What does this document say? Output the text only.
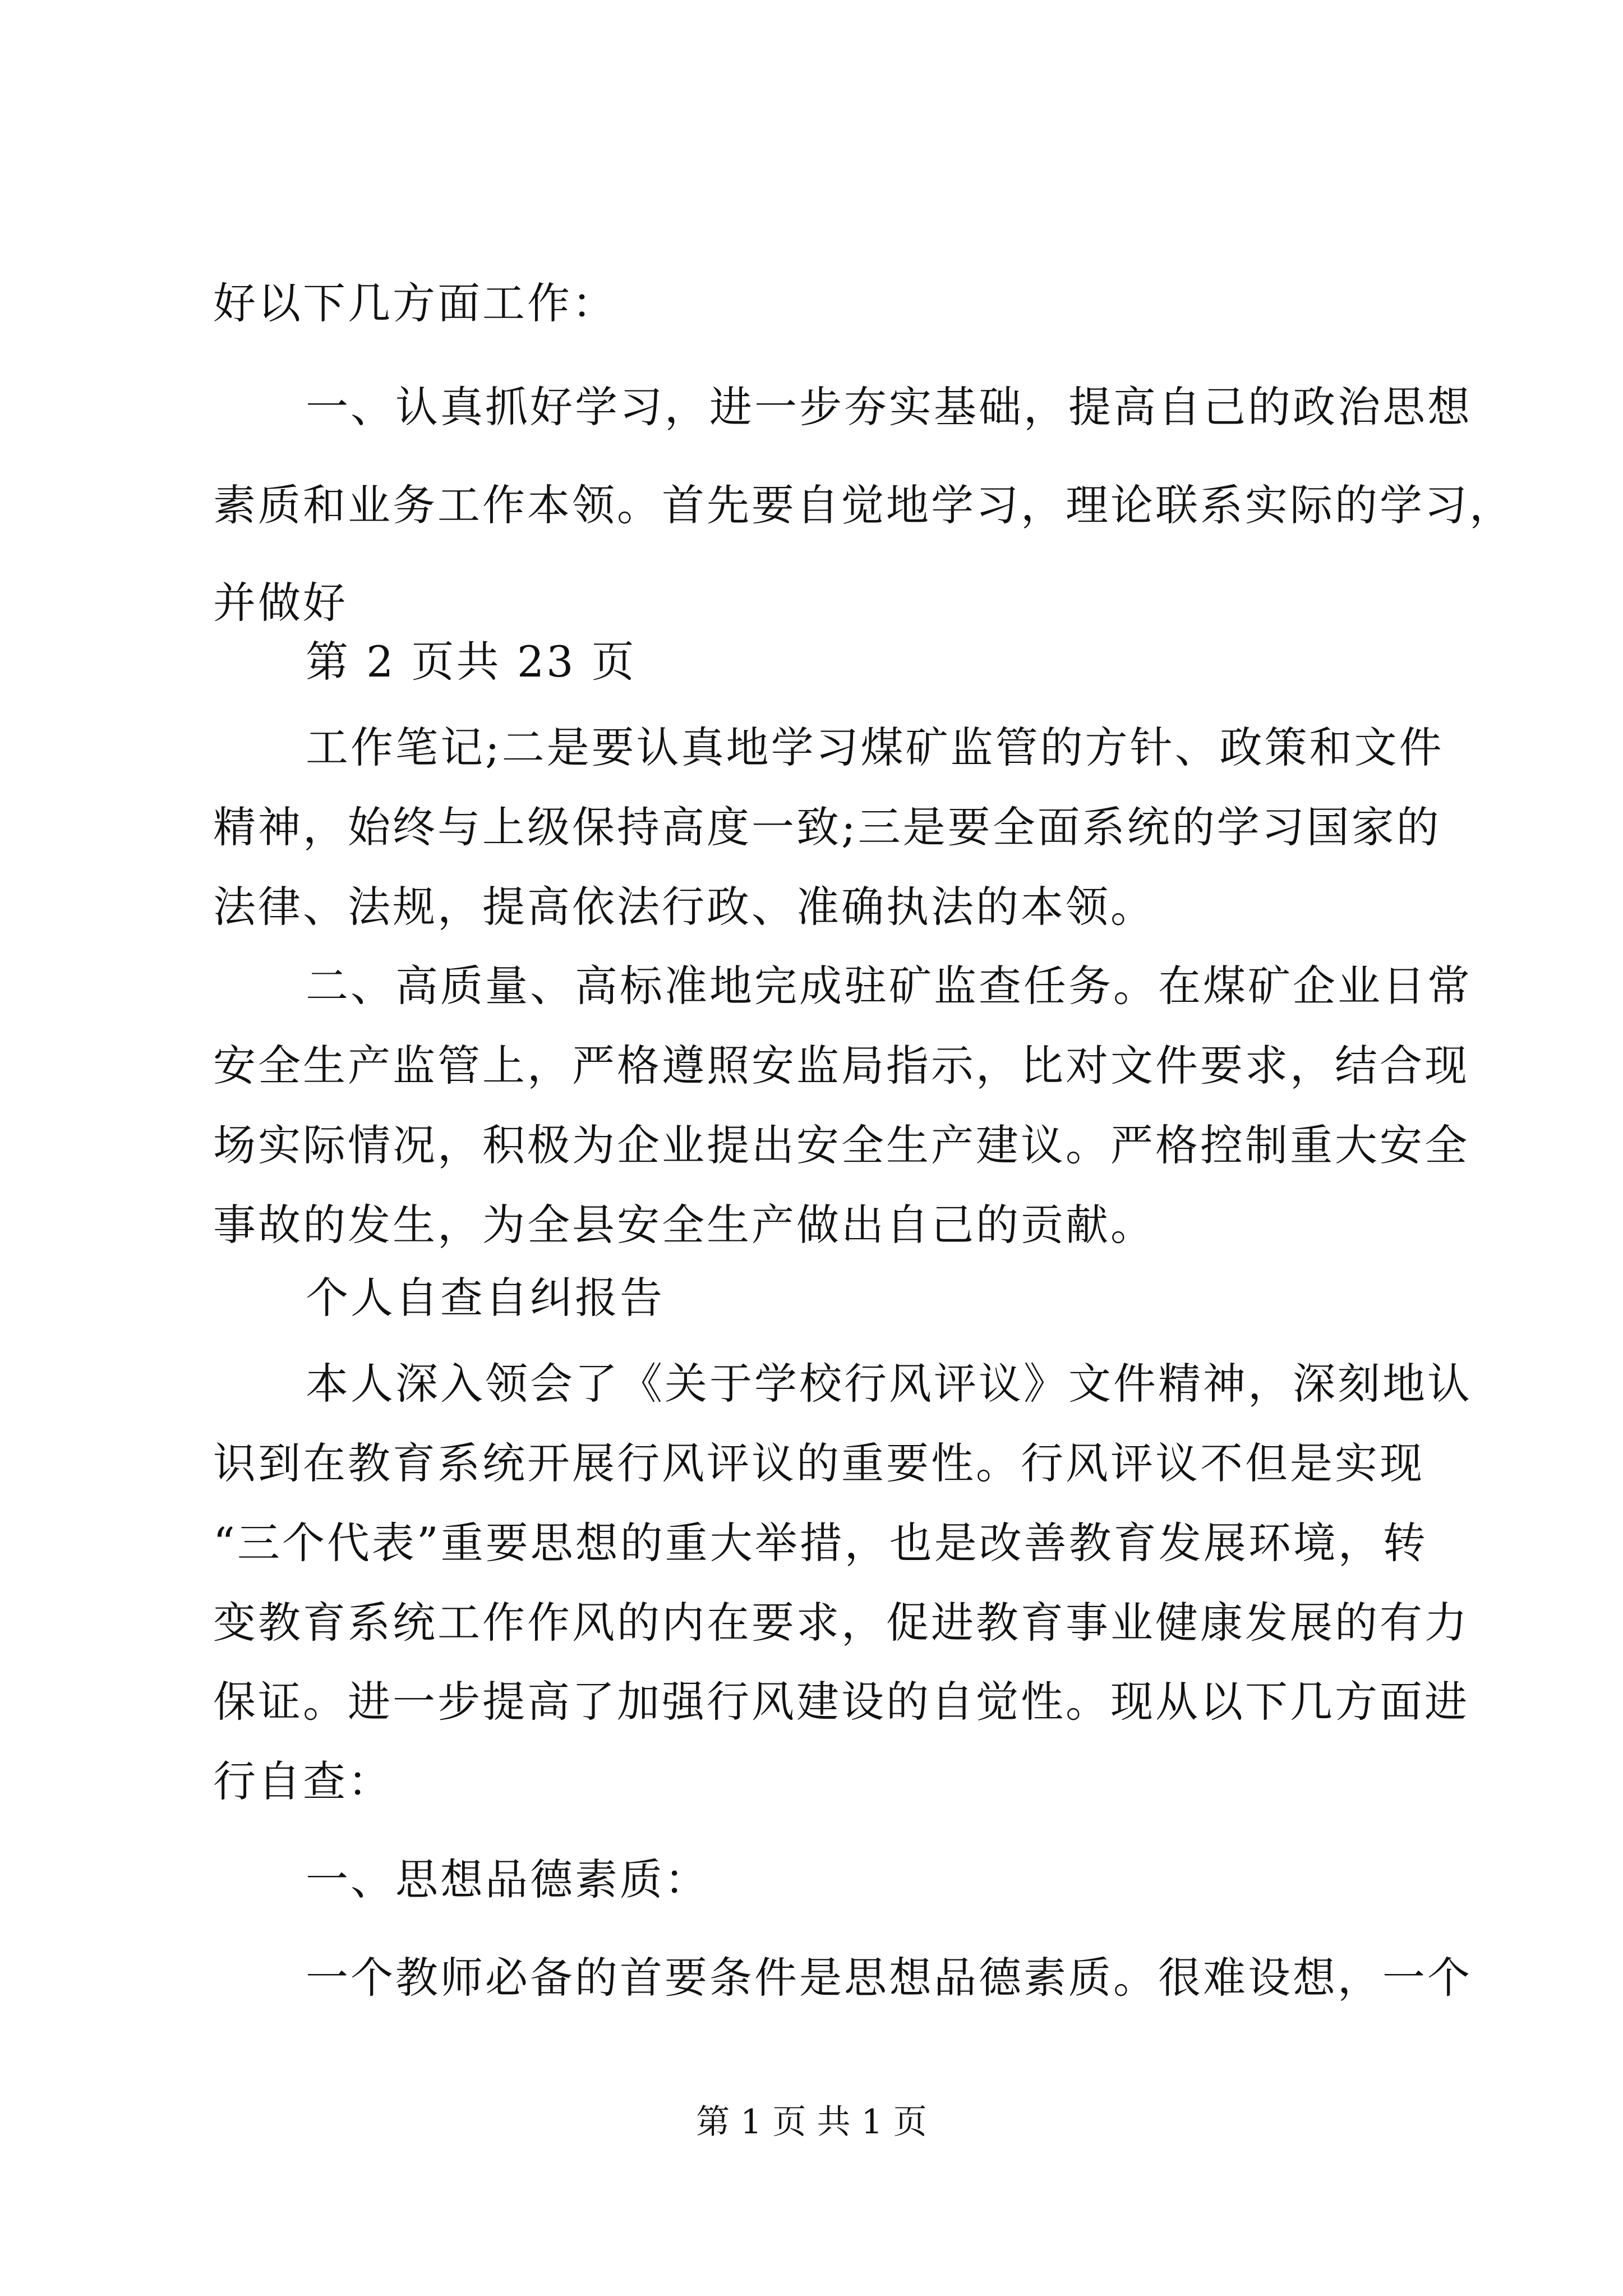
好以下几方面工作：
一、认真抓好学习，进一步夯实基础，提高自己的政治思想
素质和业务工作本领。首先要自觉地学习，理论联系实际的学习，
并做好
第 2 页共 23 页
工作笔记;二是要认真地学习煤矿监管的方针、政策和文件
精神，始终与上级保持高度一致;三是要全面系统的学习国家的
法律、法规，提高依法行政、准确执法的本领。
二、高质量、高标准地完成驻矿监查任务。在煤矿企业日常
安全生产监管上，严格遵照安监局指示，比对文件要求，结合现
场实际情况，积极为企业提出安全生产建议。严格控制重大安全
事故的发生，为全县安全生产做出自己的贡献。
个人自查自纠报告
本人深入领会了《关于学校行风评议》文件精神，深刻地认
识到在教育系统开展行风评议的重要性。行风评议不但是实现
“三个代表”重要思想的重大举措，也是改善教育发展环境，转
变教育系统工作作风的内在要求，促进教育事业健康发展的有力
保证。进一步提高了加强行风建设的自觉性。现从以下几方面进
行自查：
一、思想品德素质：
一个教师必备的首要条件是思想品德素质。很难设想，一个
第 1 页 共 1 页
